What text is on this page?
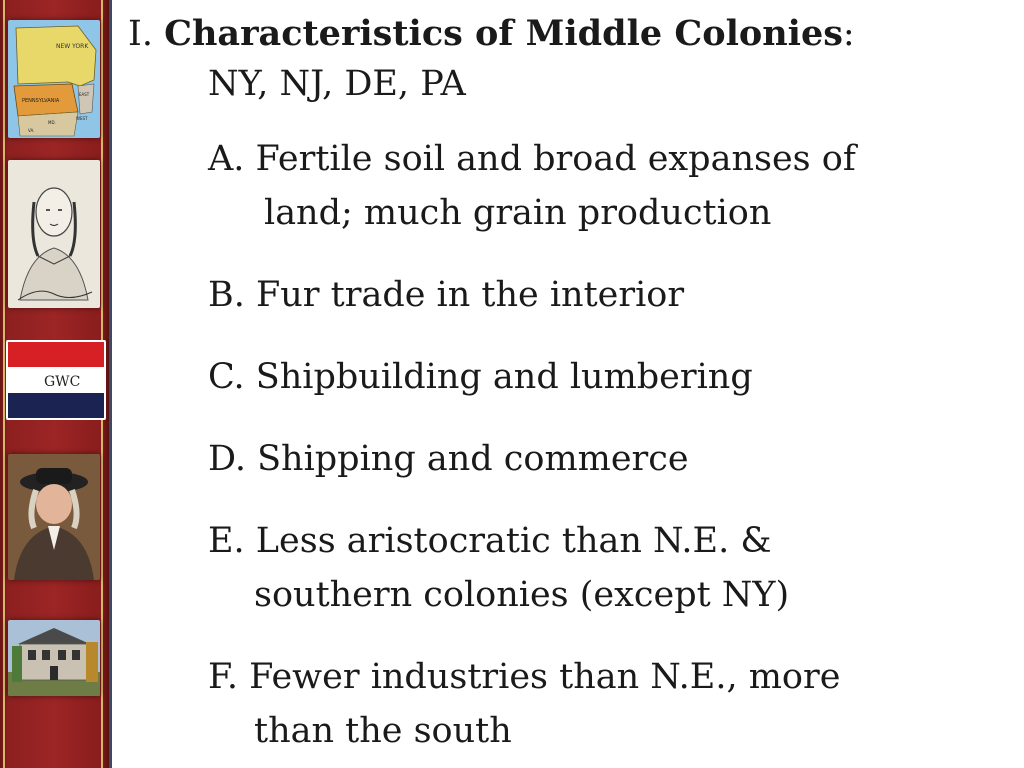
NEW YORK
PENNSYLVANIA
EAST
WEST
MD.
VA.
GWC

I. Characteristics of Middle Colonies:

NY, NJ, DE, PA

A. Fertile soil and broad expanses of
land; much grain production

B. Fur trade in the interior

C. Shipbuilding and lumbering

D. Shipping and commerce

E. Less aristocratic than N.E. &
southern colonies (except NY)

F. Fewer industries than N.E., more
than the south
